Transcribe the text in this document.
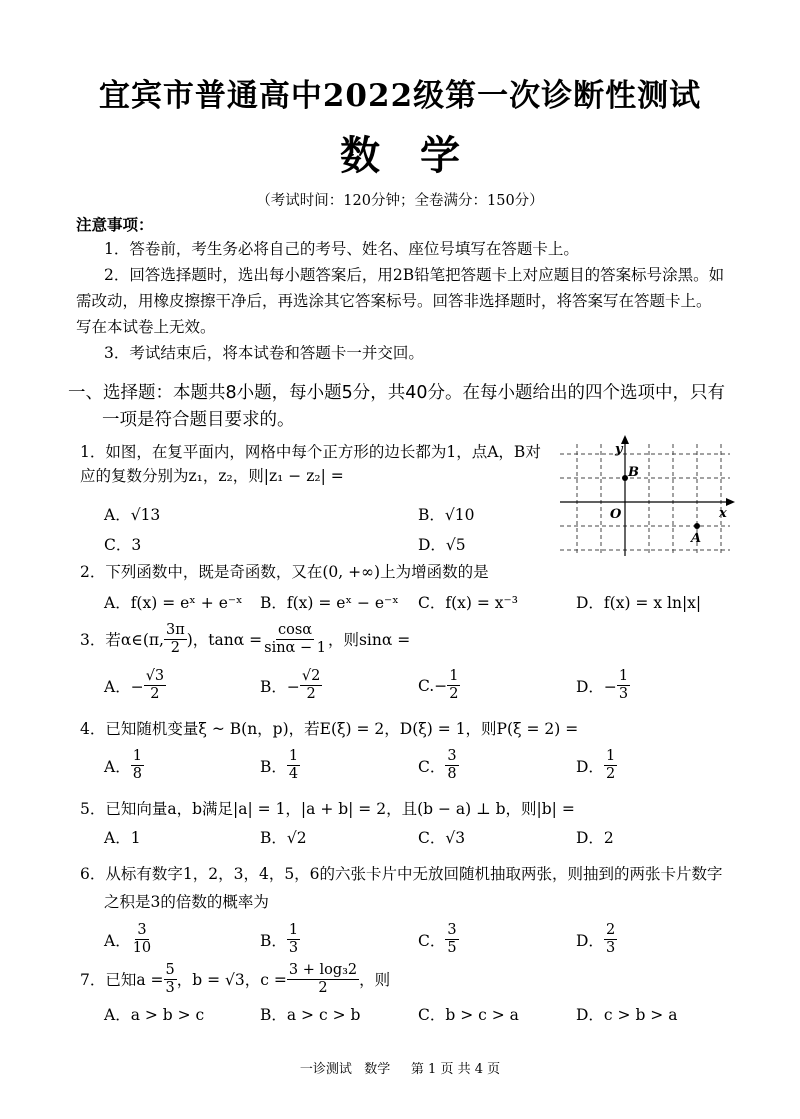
宜宾市普通高中2022级第一次诊断性测试
数学
（考试时间：120分钟；全卷满分：150分）
注意事项：
1．答卷前，考生务必将自己的考号、姓名、座位号填写在答题卡上。
2．回答选择题时，选出每小题答案后，用2B铅笔把答题卡上对应题目的答案标号涂黑。如需改动，用橡皮擦擦干净后，再选涂其它答案标号。回答非选择题时，将答案写在答题卡上。写在本试卷上无效。
3．考试结束后，将本试卷和答题卡一并交回。
一、选择题：本题共8小题，每小题5分，共40分。在每小题给出的四个选项中，只有一项是符合题目要求的。
1．如图，在复平面内，网格中每个正方形的边长都为1，点A，B对应的复数分别为z₁，z₂，则|z₁ − z₂| =
A．√13	B．√10
C．3	D．√5
y
x
O
B
A
2．下列函数中，既是奇函数，又在(0, +∞)上为增函数的是
A．f(x) = eˣ + e⁻ˣ B．f(x) = eˣ − e⁻ˣ C．f(x) = x⁻³	D．f(x) = x ln|x|
3． 若α∈(π, $\frac{3\pi}{2}$ )，$\tan\alpha = \frac{\cos\alpha}{\sin\alpha - 1}$ ，则sinα =
A．− $\frac{√3}{2}$	B．− $\frac{√2}{2}$	$C.- \frac{1}{2}$	D．− $\frac{1}{3}$
4．已知随机变量ξ ~ B(n，p)，若E(ξ) = 2，D(ξ) = 1，则P(ξ = 2) =
A． $\frac{1}{8}$	B． $\frac{1}{4}$	C． $\frac{3}{8}$	D． $\frac{1}{2}$
5．已知向量a，b满足|a| = 1，|a + b| = 2，且(b − a) ⊥ b，则|b| =
A．1	B．√2	C．√3	D．2
6．从标有数字1，2，3，4，5，6的六张卡片中无放回随机抽取两张，则抽到的两张卡片数字之积是3的倍数的概率为
A． $\frac{3}{10}$	B． $\frac{1}{3}$	C． $\frac{3}{5}$	D． $\frac{2}{3}$
7． 已知$a = \frac{5}{3}$ ，b = √3，$c = \frac{\text{3 + log₃2}}{2}$ ，则
A．a > b > c	B．a > c > b	C．b > c > a	D．c > b > a
一诊测试   数学     第 1 页 共 4 页
